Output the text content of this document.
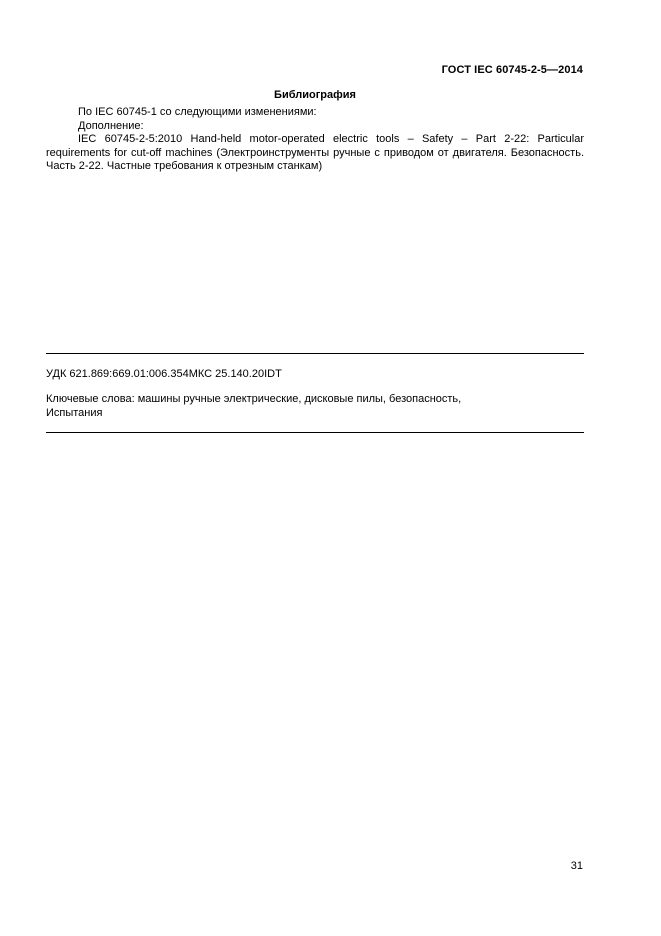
ГОСТ IEC 60745-2-5—2014
Библиография

По IEC 60745-1 со следующими изменениями:

Дополнение:

IEC 60745-2-5:2010 Hand-held motor-operated electric tools – Safety – Part 2-22: Particular requirements for cut-off machines (Электроинструменты ручные с приводом от двигателя. Безопасность. Часть 2-22. Частные требования к отрезным станкам)

УДК 621.869:669.01:006.354МКС 25.140.20IDT
Ключевые слова: машины ручные электрические, дисковые пилы, безопасность,
Испытания
31
